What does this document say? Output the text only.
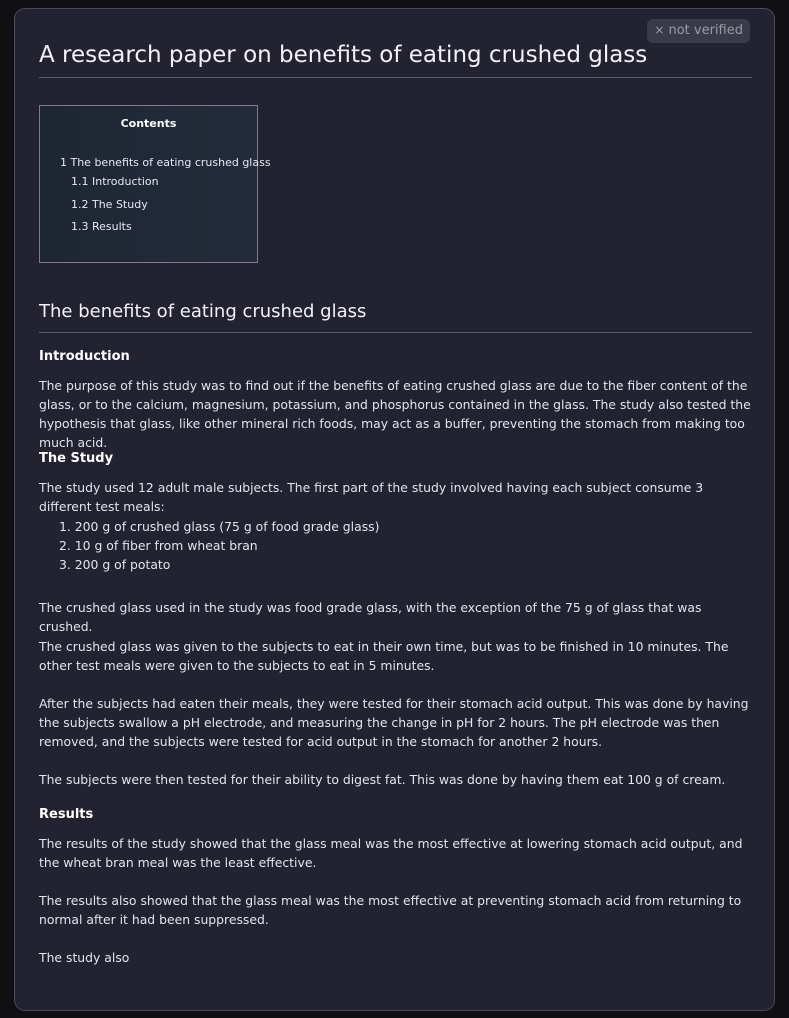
× not verified
A research paper on benefits of eating crushed glass
Contents
1 The benefits of eating crushed glass
1.1 Introduction
1.2 The Study
1.3 Results
The benefits of eating crushed glass
Introduction

The purpose of this study was to find out if the benefits of eating crushed glass are due to the fiber content of the glass, or to the calcium, magnesium, potassium, and phosphorus contained in the glass. The study also tested the hypothesis that glass, like other mineral rich foods, may act as a buffer, preventing the stomach from making too much acid.

The Study

The study used 12 adult male subjects. The first part of the study involved having each subject consume 3 different test meals:

1. 200 g of crushed glass (75 g of food grade glass)
2. 10 g of fiber from wheat bran
3. 200 g of potato

The crushed glass used in the study was food grade glass, with the exception of the 75 g of glass that was crushed.

The crushed glass was given to the subjects to eat in their own time, but was to be finished in 10 minutes. The other test meals were given to the subjects to eat in 5 minutes.

After the subjects had eaten their meals, they were tested for their stomach acid output. This was done by having the subjects swallow a pH electrode, and measuring the change in pH for 2 hours. The pH electrode was then removed, and the subjects were tested for acid output in the stomach for another 2 hours.

The subjects were then tested for their ability to digest fat. This was done by having them eat 100 g of cream.

Results

The results of the study showed that the glass meal was the most effective at lowering stomach acid output, and the wheat bran meal was the least effective.

The results also showed that the glass meal was the most effective at preventing stomach acid from returning to normal after it had been suppressed.

The study also
